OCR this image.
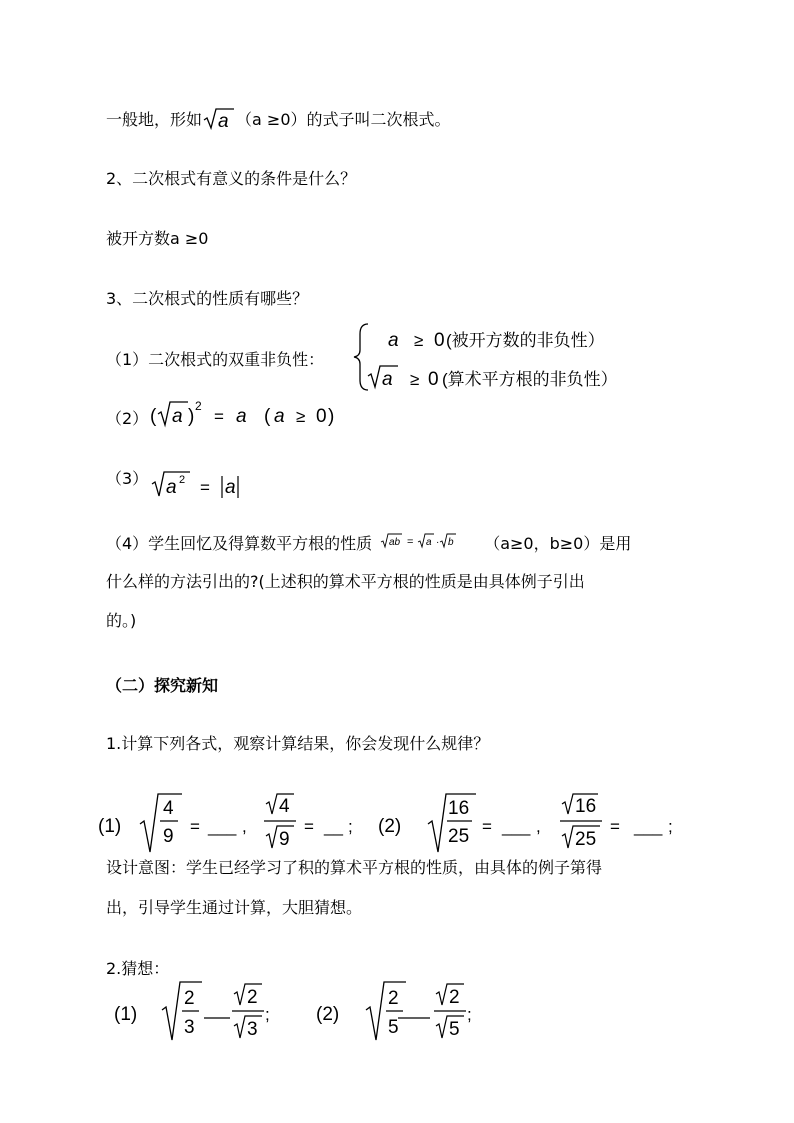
一般地，形如 a （a ≥0）的式子叫二次根式。
2、二次根式有意义的条件是什么？
被开方数a ≥0
3、二次根式的性质有哪些？
（1）二次根式的双重非负性：
a ≥ 0 (被开方数的非负性）
a ≥ 0 (算术平方根的非负性）
（2） ( a ) 2
= a ( a ≥ 0 )
（3） a 2 = a
（4）学生回忆及得算数平方根的性质 ab = a · b （a≥0，b≥0）是用
什么样的方法引出的?(上述积的算术平方根的性质是由具体例子引出
的。)
（二）探究新知
1.计算下列各式，观察计算结果，你会发现什么规律？
(1)
4
9 = ___ ,
4
9
= __ ; (2)
16
25 = ___ ,
16
25
= ___ ;
设计意图：学生已经学习了积的算术平方根的性质，由具体的例子第得
出，引导学生通过计算，大胆猜想。
2.猜想：
(1)
2
3
2
3
; (2)
2
5
2
5
;
